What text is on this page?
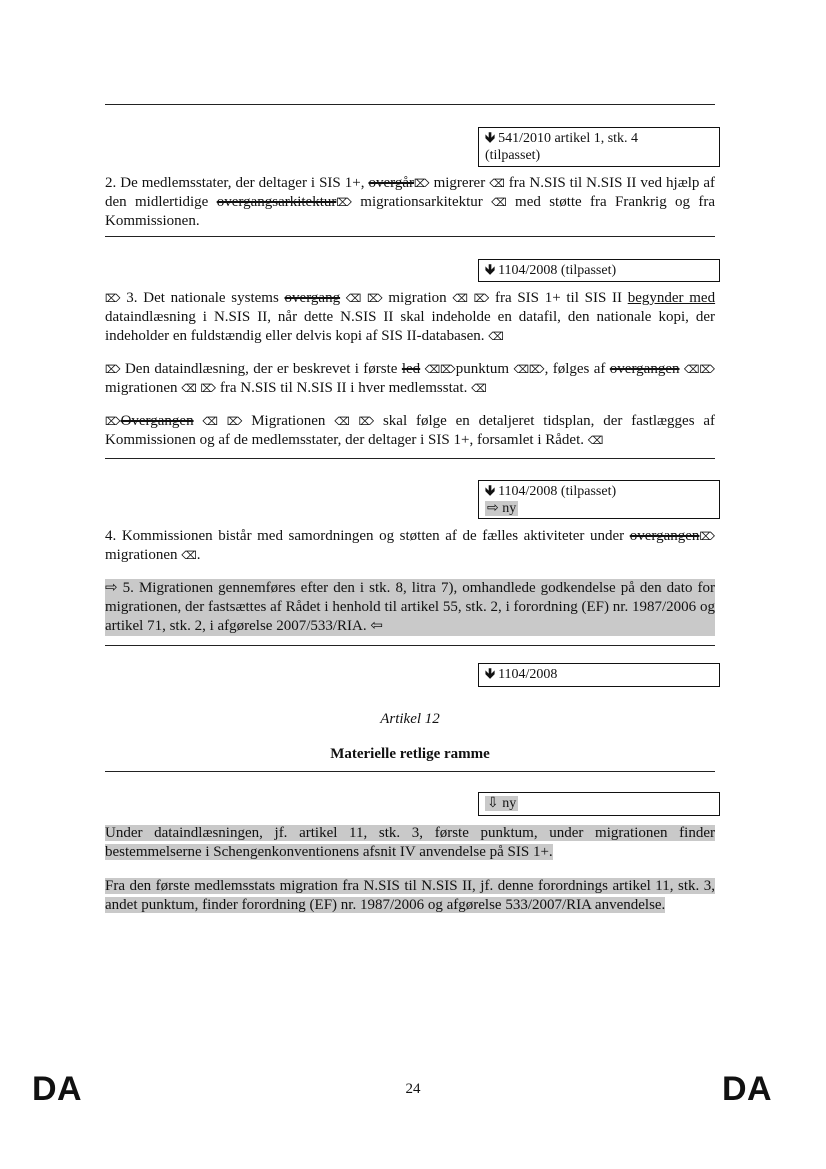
🡻 541/2010 artikel 1, stk. 4
(tilpasset)

2. De medlemsstater, der deltager i SIS 1+, overgår⌦ migrerer ⌫ fra N.SIS til N.SIS II ved hjælp af den midlertidige overgangsarkitektur⌦ migrationsarkitektur ⌫ med støtte fra Frankrig og fra Kommissionen.

🡻 1104/2008 (tilpasset)

⌦ 3. Det nationale systems overgang ⌫ ⌦ migration ⌫ ⌦ fra SIS 1+ til SIS II begynder med dataindlæsning i N.SIS II, når dette N.SIS II skal indeholde en datafil, den nationale kopi, der indeholder en fuldstændig eller delvis kopi af SIS II-databasen. ⌫

⌦ Den dataindlæsning, der er beskrevet i første led ⌫⌦punktum ⌫⌦, følges af overgangen ⌫⌦ migrationen ⌫ ⌦ fra N.SIS til N.SIS II i hver medlemsstat. ⌫

⌦Overgangen ⌫ ⌦ Migrationen ⌫ ⌦ skal følge en detaljeret tidsplan, der fastlægges af Kommissionen og af de medlemsstater, der deltager i SIS 1+, forsamlet i Rådet. ⌫

🡻 1104/2008 (tilpasset)
⇨ ny

4. Kommissionen bistår med samordningen og støtten af de fælles aktiviteter under overgangen⌦ migrationen ⌫.

⇨ 5. Migrationen gennemføres efter den i stk. 8, litra 7), omhandlede godkendelse på den dato for migrationen, der fastsættes af Rådet i henhold til artikel 55, stk. 2, i forordning (EF) nr. 1987/2006 og artikel 71, stk. 2, i afgørelse 2007/533/RIA. ⇦

🡻 1104/2008
Artikel 12
Materielle retlige ramme
⇩ ny

Under dataindlæsningen, jf. artikel 11, stk. 3, første punktum, under migrationen finder bestemmelserne i Schengenkonventionens afsnit IV anvendelse på SIS 1+.

Fra den første medlemsstats migration fra N.SIS til N.SIS II, jf. denne forordnings artikel 11, stk. 3, andet punktum, finder forordning (EF) nr. 1987/2006 og afgørelse 533/2007/RIA anvendelse.

DA	24	DA
